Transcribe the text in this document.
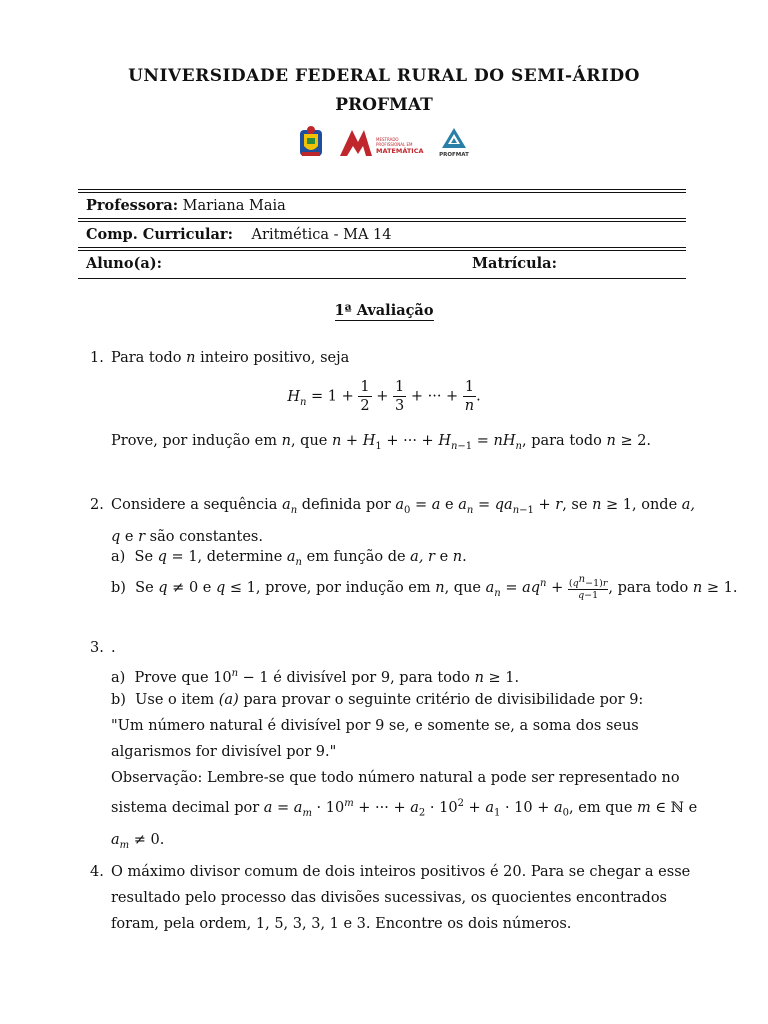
UNIVERSIDADE FEDERAL RURAL DO SEMI-ÁRIDO
PROFMAT
MESTRADO
PROFISSIONAL EM
MATEMÁTICA	PROFMAT
Professora: Mariana Maia
Comp. Curricular: Aritmética - MA 14
Aluno(a):	Matrícula:
1ª Avaliação
1. Para todo n inteiro positivo, seja
$H_n = 1 + \frac{1}{2} + \frac{1}{3}$ + ··· + $\frac{1}{n}$ .
Prove, por indução em n, que $n + H_1$ + ··· + $H_{n-1} = nH_n$, para todo n ≥ 2.
2. Considere a sequência $a_n$ definida por $a_0 = a$ e $a_n = qa_{n-1} + r$, se n ≥ 1, onde a, q e r são constantes.
a)  Se q = 1, determine $a_n$ em função de a, r e n.
b)  Se q ≠ 0 e q ≤ 1, prove, por indução em n, que $a_n = aq^n + \frac{(q^n-1)r}{q-1}$ , para todo n ≥ 1.
3. .
a)  Prove que $10^n - 1$ é divisível por 9, para todo n ≥ 1.
b)  Use o item (a) para provar o seguinte critério de divisibilidade por 9:
"Um número natural é divisível por 9 se, e somente se, a soma dos seus algarismos for divisível por 9."
Observação: Lembre-se que todo número natural a pode ser representado no sistema decimal por $a = a_m \cdot 10^m$ + ··· + $a_2 \cdot 10^2 + a_1 \cdot 10 + a_0$, em que m ∈ ℕ e $a_m \ne 0$.
4. O máximo divisor comum de dois inteiros positivos é 20. Para se chegar a esse resultado pelo processo das divisões sucessivas, os quocientes encontrados foram, pela ordem, 1, 5, 3, 3, 1 e 3. Encontre os dois números.
